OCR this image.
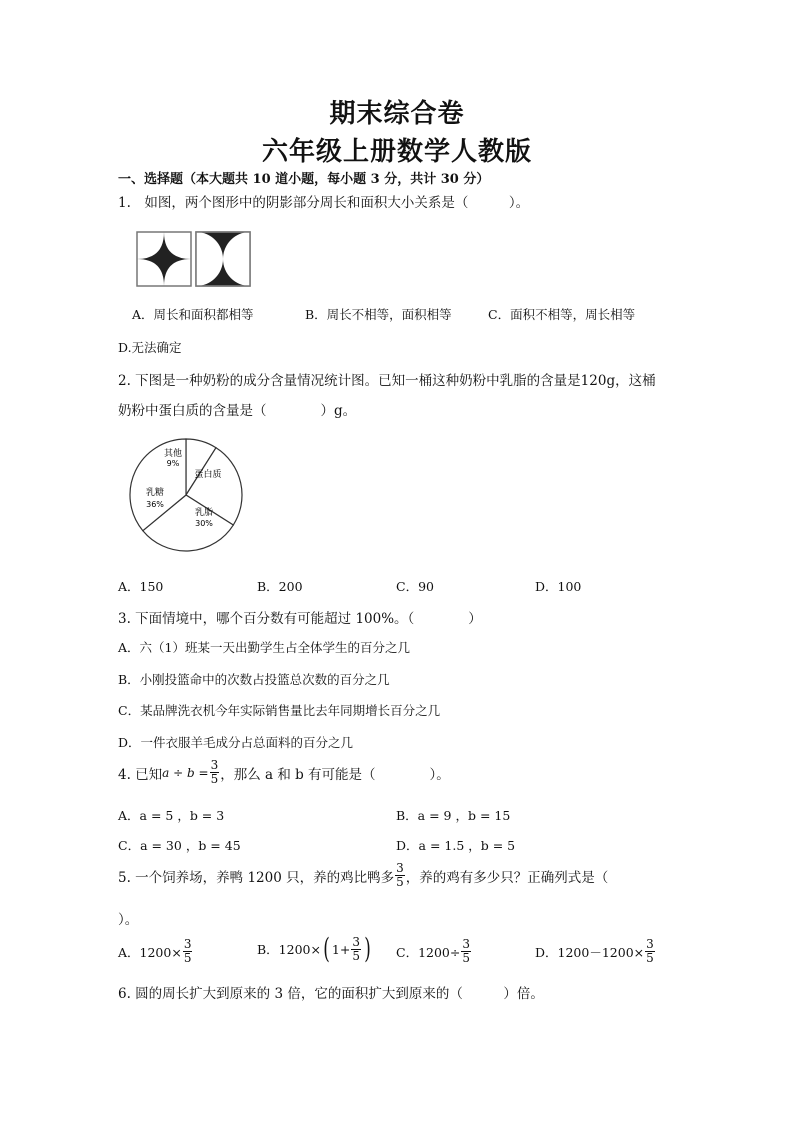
期末综合卷
六年级上册数学人教版
一、选择题（本大题共 10 道小题，每小题 3 分，共计 30 分）
1.　如图，两个图形中的阴影部分周长和面积大小关系是（　　　）。
A．周长和面积都相等	B．周长不相等，面积相等	C．面积不相等，周长相等
D.无法确定
2. 下图是一种奶粉的成分含量情况统计图。已知一桶这种奶粉中乳脂的含量是120g，这桶
奶粉中蛋白质的含量是（　　　　）g。
其他
9%
蛋白质
乳糖
36%
乳脂
30%
A．150	B．200	C．90	D．100
3. 下面情境中，哪个百分数有可能超过 100%。（　　　　）
A．六（1）班某一天出勤学生占全体学生的百分之几
B．小刚投篮命中的次数占投篮总次数的百分之几
C．某品牌洗衣机今年实际销售量比去年同期增长百分之几
D．一件衣服羊毛成分占总面料的百分之几
4. 已知 $a \div b = \frac{3}{5}$ ，那么 a 和 b 有可能是（　　　　）。
A．a = 5 ，b = 3	B．a = 9 ，b = 15
C．a = 30 ，b = 45	D．a = 1.5 ，b = 5
5. 一个饲养场，养鸭 1200 只，养的鸡比鸭多 $\frac{3}{5}$ ，养的鸡有多少只？正确列式是（
）。
A．$1200\times \frac{3}{5}$	B．1200× ( $1+ \frac{3}{5}$ ) C．$1200\div \frac{3}{5}$	D．$1200-1200\times \frac{3}{5}$
6. 圆的周长扩大到原来的 3 倍，它的面积扩大到原来的（　　　）倍。
